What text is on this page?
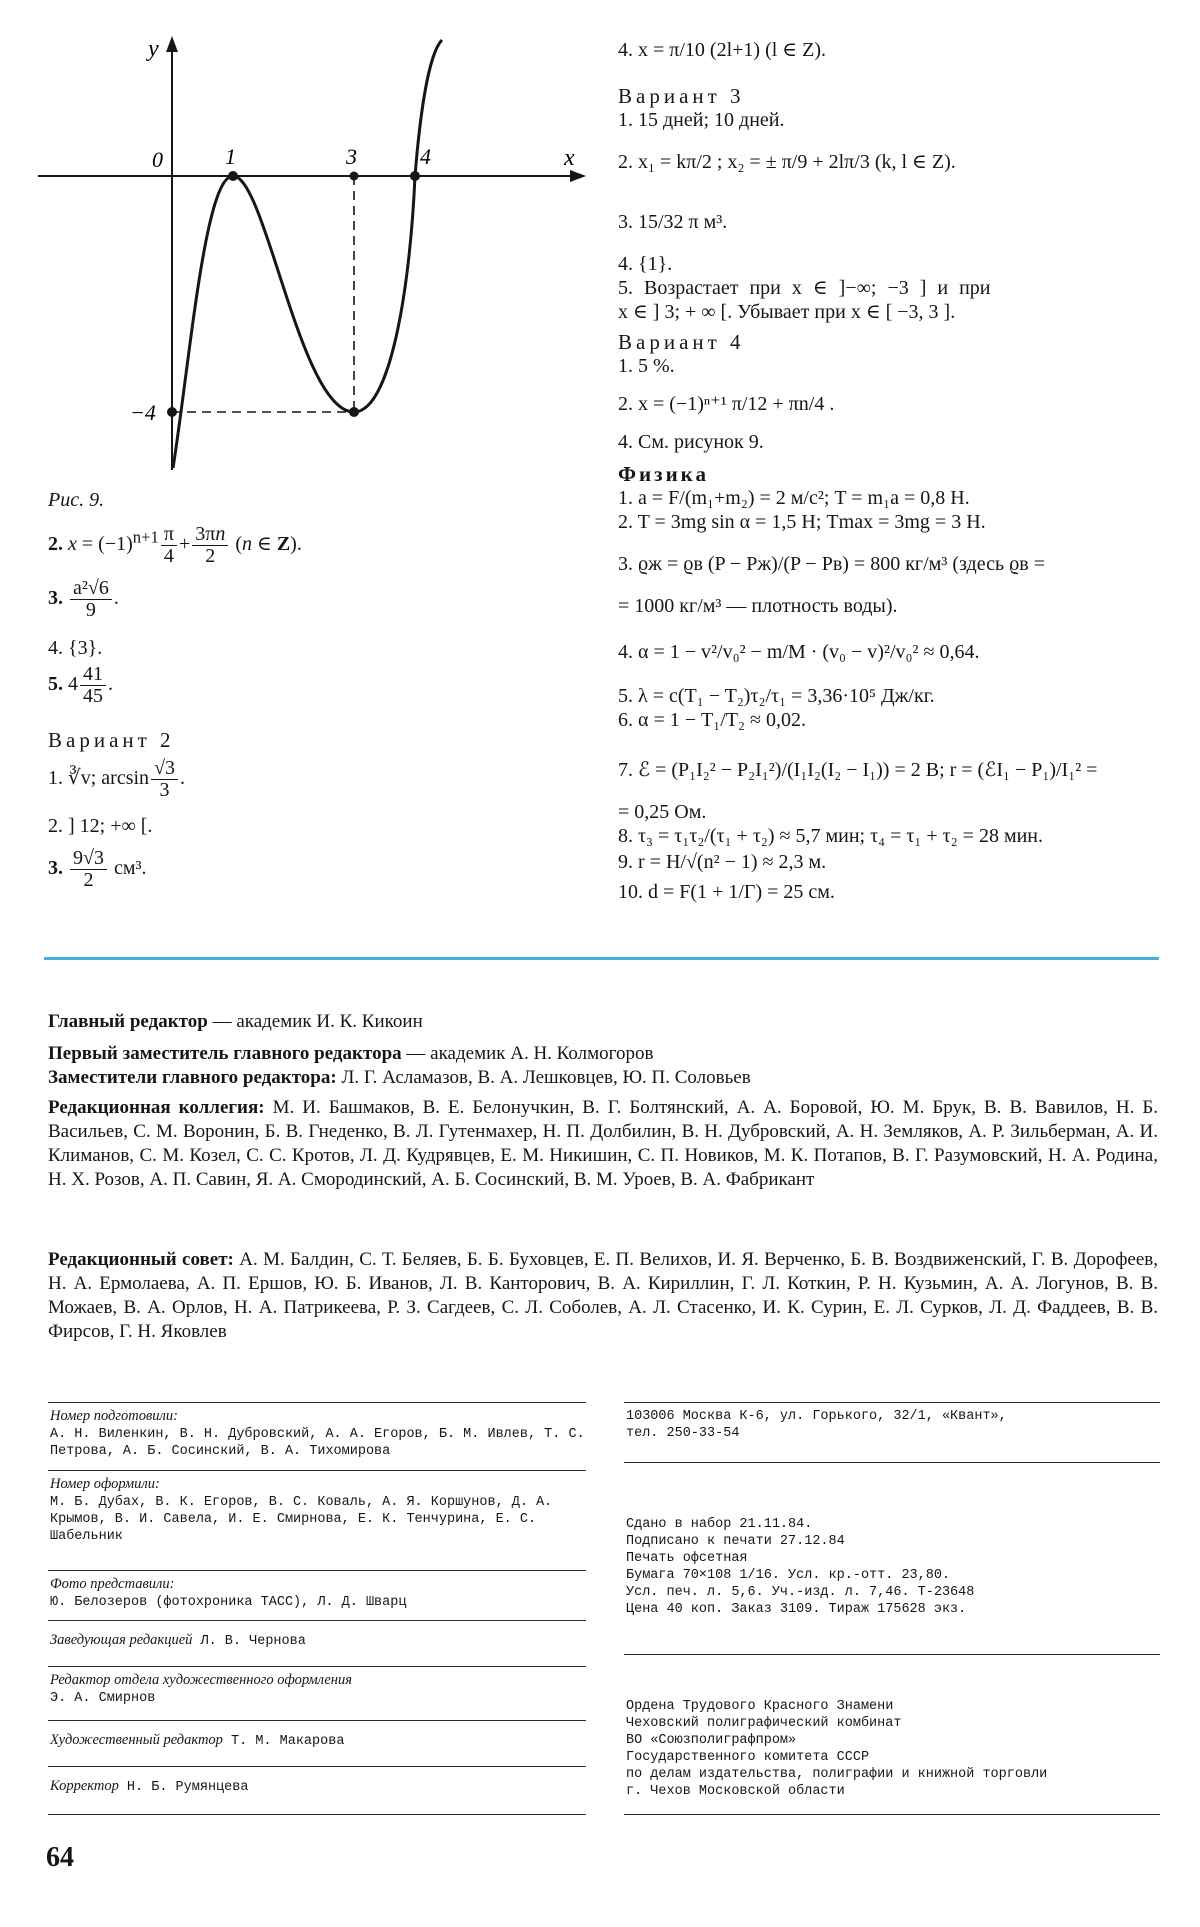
y
x
0	1	3	4
−4
Рис. 9.
2. $x = (-1)^{n+1} \frac{\pi}{4} + \frac{3\pi n}{2} (n$ ∈ Z).
3. $\frac{\text{a²√6}}{9}$ .
4. {3}.
5. $4 \frac{41}{45}$ .
Вариант 2
1. ∛v; $\arcsin \frac{√3}{3}$ .
2. ] 12; +∞ [.
3. $\frac{9√3}{2} см^3$.
4. x = π/10 (2l+1) (l ∈ Z).
Вариант 3
1. 15 дней; 10 дней.
2. x₁ = kπ/2 ; x₂ = ± π/9 + 2lπ/3 (k, l ∈ Z).
3. 15/32 π м³.
4. {1}.
5. Возрастает при x ∈ ]−∞; −3 ] и при
x ∈ ] 3; + ∞ [. Убывает при x ∈ [ −3, 3 ].
Вариант 4
1. 5 %.
2. x = (−1)ⁿ⁺¹ π/12 + πn/4 .
4. См. рисунок 9.
Физика
1. a = F/(m₁+m₂) = 2 м/с²; T = m₁a = 0,8 Н.
2. T = 3mg sin α = 1,5 Н; Tmax = 3mg = 3 Н.
3. ϱж = ϱв (P − Pж)/(P − Pв) = 800 кг/м³ (здесь ϱв =
= 1000 кг/м³ — плотность воды).
4. α = 1 − v²/v₀² − m/M · (v₀ − v)²/v₀² ≈ 0,64.
5. λ = c(T₁ − T₂)τ₂/τ₁ = 3,36·10⁵ Дж/кг.
6. α = 1 − T₁/T₂ ≈ 0,02.
7. ℰ = (P₁I₂² − P₂I₁²)/(I₁I₂(I₂ − I₁)) = 2 В; r = (ℰI₁ − P₁)/I₁² =
= 0,25 Ом.
8. τ₃ = τ₁τ₂/(τ₁ + τ₂) ≈ 5,7 мин; τ₄ = τ₁ + τ₂ = 28 мин.
9. r = H/√(n² − 1) ≈ 2,3 м.
10. d = F(1 + 1/Г) = 25 см.
Главный редактор — академик И. К. Кикоин
Первый заместитель главного редактора — академик А. Н. Колмогоров
Заместители главного редактора: Л. Г. Асламазов, В. А. Лешковцев, Ю. П. Соловьев
Редакционная коллегия: М. И. Башмаков, В. Е. Белонучкин, В. Г. Болтянский, А. А. Боровой, Ю. М. Брук, В. В. Вавилов, Н. Б. Васильев, С. М. Воронин, Б. В. Гнеденко, В. Л. Гутенмахер, Н. П. Долбилин, В. Н. Дубровский, А. Н. Земляков, А. Р. Зильберман, А. И. Климанов, С. М. Козел, С. С. Кротов, Л. Д. Кудрявцев, Е. М. Никишин, С. П. Новиков, М. К. Потапов, В. Г. Разумовский, Н. А. Родина, Н. Х. Розов, А. П. Савин, Я. А. Смородинский, А. Б. Сосинский, В. М. Уроев, В. А. Фабрикант
Редакционный совет: А. М. Балдин, С. Т. Беляев, Б. Б. Буховцев, Е. П. Велихов, И. Я. Верченко, Б. В. Воздвиженский, Г. В. Дорофеев, Н. А. Ермолаева, А. П. Ершов, Ю. Б. Иванов, Л. В. Канторович, В. А. Кириллин, Г. Л. Коткин, Р. Н. Кузьмин, А. А. Логунов, В. В. Можаев, В. А. Орлов, Н. А. Патрикеева, Р. З. Сагдеев, С. Л. Соболев, А. Л. Стасенко, И. К. Сурин, Е. Л. Сурков, Л. Д. Фаддеев, В. В. Фирсов, Г. Н. Яковлев
Номер подготовили:
А. Н. Виленкин, В. Н. Дубровский, А. А. Егоров, Б. М. Ивлев, Т. С. Петрова, А. Б. Сосинский, В. А. Тихомирова
Номер оформили:
М. Б. Дубах, В. К. Егоров, В. С. Коваль, А. Я. Коршунов, Д. А. Крымов, В. И. Савела, И. Е. Смирнова, Е. К. Тенчурина, Е. С. Шабельник
Фото представили:
Ю. Белозеров (фотохроника ТАСС), Л. Д. Шварц
Заведующая редакцией Л. В. Чернова
Редактор отдела художественного оформления
Э. А. Смирнов
Художественный редактор Т. М. Макарова
Корректор Н. Б. Румянцева
103006 Москва К-6, ул. Горького, 32/1, «Квант»,
тел. 250-33-54
Сдано в набор 21.11.84.
Подписано к печати 27.12.84
Печать офсетная
Бумага 70×108 1/16. Усл. кр.-отт. 23,80.
Усл. печ. л. 5,6. Уч.-изд. л. 7,46. Т-23648
Цена 40 коп. Заказ 3109. Тираж 175628 экз.
Ордена Трудового Красного Знамени
Чеховский полиграфический комбинат
ВО «Союзполиграфпром»
Государственного комитета СССР
по делам издательства, полиграфии и книжной торговли
г. Чехов Московской области
64
